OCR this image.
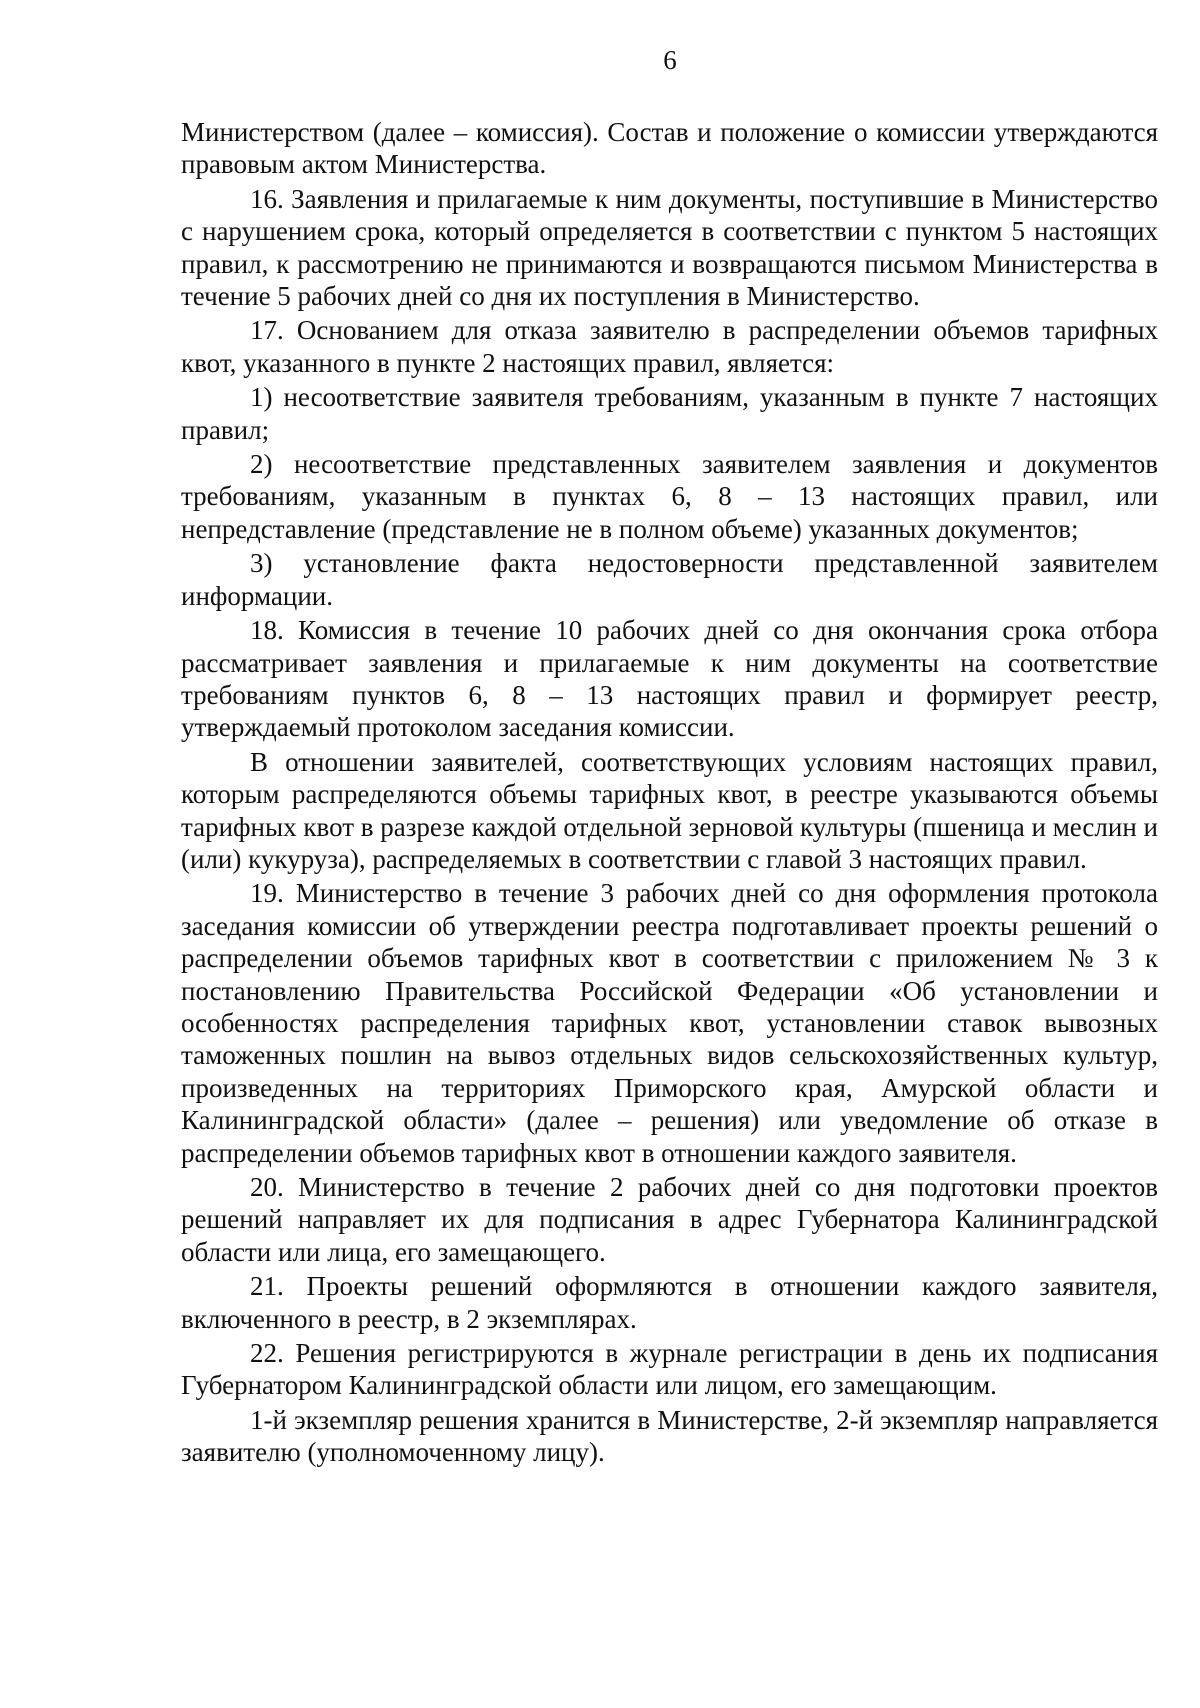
6

Министерством (далее – комиссия). Состав и положение о комиссии утверждаются правовым актом Министерства.

16. Заявления и прилагаемые к ним документы, поступившие в Министерство с нарушением срока, который определяется в соответствии с пунктом 5 настоящих правил, к рассмотрению не принимаются и возвращаются письмом Министерства в течение 5 рабочих дней со дня их поступления в Министерство.

17. Основанием для отказа заявителю в распределении объемов тарифных квот, указанного в пункте 2 настоящих правил, является:

1) несоответствие заявителя требованиям, указанным в пункте 7 настоящих правил;

2) несоответствие представленных заявителем заявления и документов требованиям, указанным в пунктах 6, 8 – 13 настоящих правил, или непредставление (представление не в полном объеме) указанных документов;

3) установление факта недостоверности представленной заявителем информации.

18. Комиссия в течение 10 рабочих дней со дня окончания срока отбора рассматривает заявления и прилагаемые к ним документы на соответствие требованиям пунктов 6, 8 – 13 настоящих правил и формирует реестр, утверждаемый протоколом заседания комиссии.

В отношении заявителей, соответствующих условиям настоящих правил, которым распределяются объемы тарифных квот, в реестре указываются объемы тарифных квот в разрезе каждой отдельной зерновой культуры (пшеница и меслин и (или) кукуруза), распределяемых в соответствии с главой 3 настоящих правил.

19. Министерство в течение 3 рабочих дней со дня оформления протокола заседания комиссии об утверждении реестра подготавливает проекты решений о распределении объемов тарифных квот в соответствии с приложением № 3 к постановлению Правительства Российской Федерации «Об установлении и особенностях распределения тарифных квот, установлении ставок вывозных таможенных пошлин на вывоз отдельных видов сельскохозяйственных культур, произведенных на территориях Приморского края, Амурской области и Калининградской области» (далее – решения) или уведомление об отказе в распределении объемов тарифных квот в отношении каждого заявителя.

20. Министерство в течение 2 рабочих дней со дня подготовки проектов решений направляет их для подписания в адрес Губернатора Калининградской области или лица, его замещающего.

21. Проекты решений оформляются в отношении каждого заявителя, включенного в реестр, в 2 экземплярах.

22. Решения регистрируются в журнале регистрации в день их подписания Губернатором Калининградской области или лицом, его замещающим.

1-й экземпляр решения хранится в Министерстве, 2-й экземпляр направляется заявителю (уполномоченному лицу).
